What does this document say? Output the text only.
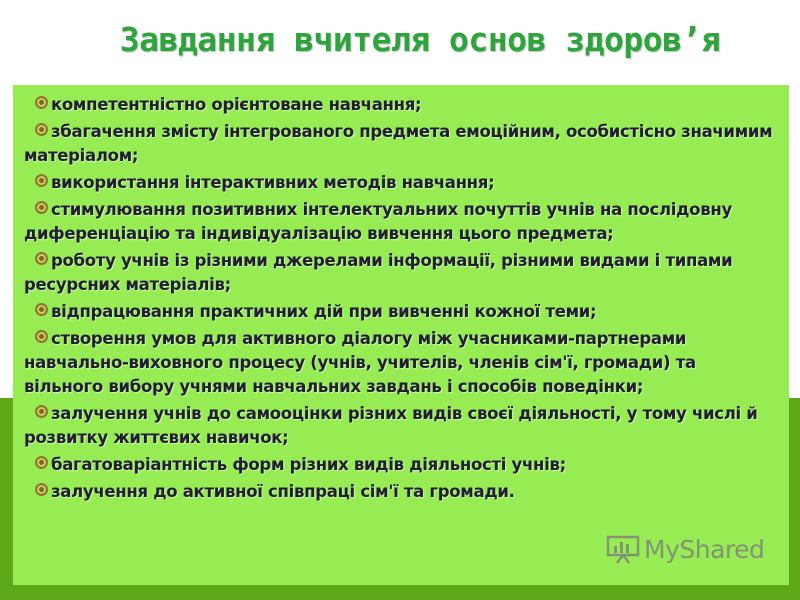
Завдання вчителя основ здоров’я
компетентністно орієнтоване навчання;
збагачення змісту інтегрованого предмета емоційним, особистісно значимим матеріалом;
використання інтерактивних методів навчання;
стимулювання позитивних інтелектуальних почуттів учнів на послідовну диференціацію та індивідуалізацію вивчення цього предмета;
роботу учнів із різними джерелами інформації, різними видами і типами ресурсних матеріалів;
відпрацювання практичних дій при вивченні кожної теми;
створення умов для активного діалогу між учасниками-партнерами навчально-виховного процесу (учнів, учителів, членів сім'ї, громади) та вільного вибору учнями навчальних завдань і способів поведінки;
залучення учнів до самооцінки різних видів своєї діяльності, у тому числі й розвитку життєвих навичок;
багатоваріантність форм різних видів діяльності учнів;
залучення до активної співпраці сім'ї та громади.
MyShared
